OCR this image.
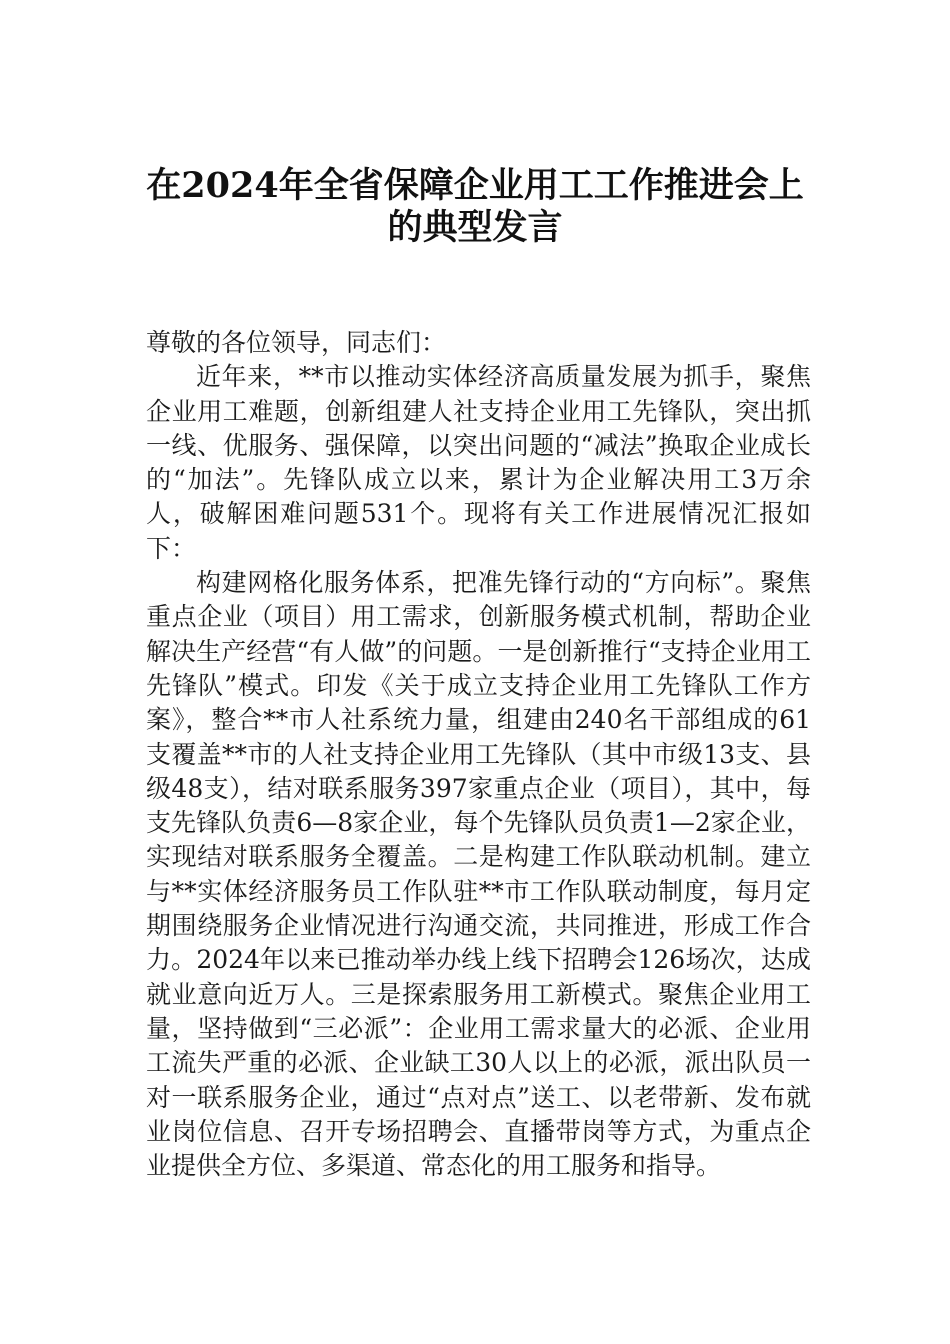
在2024年全省保障企业用工工作推进会上
的典型发言

尊敬的各位领导，同志们：

近年来，**市以推动实体经济高质量发展为抓手，聚焦企业用工难题，创新组建人社支持企业用工先锋队，突出抓一线、优服务、强保障，以突出问题的“减法”换取企业成长的“加法”。先锋队成立以来，累计为企业解决用工3万余人，破解困难问题531个。现将有关工作进展情况汇报如下：

构建网格化服务体系，把准先锋行动的“方向标”。聚焦重点企业（项目）用工需求，创新服务模式机制，帮助企业解决生产经营“有人做”的问题。一是创新推行“支持企业用工先锋队”模式。印发《关于成立支持企业用工先锋队工作方案》，整合**市人社系统力量，组建由240名干部组成的61支覆盖**市的人社支持企业用工先锋队（其中市级13支、县级48支），结对联系服务397家重点企业（项目），其中，每支先锋队负责6—8家企业，每个先锋队员负责1—2家企业，实现结对联系服务全覆盖。二是构建工作队联动机制。建立与**实体经济服务员工作队驻**市工作队联动制度，每月定期围绕服务企业情况进行沟通交流，共同推进，形成工作合力。2024年以来已推动举办线上线下招聘会126场次，达成就业意向近万人。三是探索服务用工新模式。聚焦企业用工量，坚持做到“三必派”：企业用工需求量大的必派、企业用工流失严重的必派、企业缺工30人以上的必派，派出队员一对一联系服务企业，通过“点对点”送工、以老带新、发布就业岗位信息、召开专场招聘会、直播带岗等方式，为重点企业提供全方位、多渠道、常态化的用工服务和指导。
